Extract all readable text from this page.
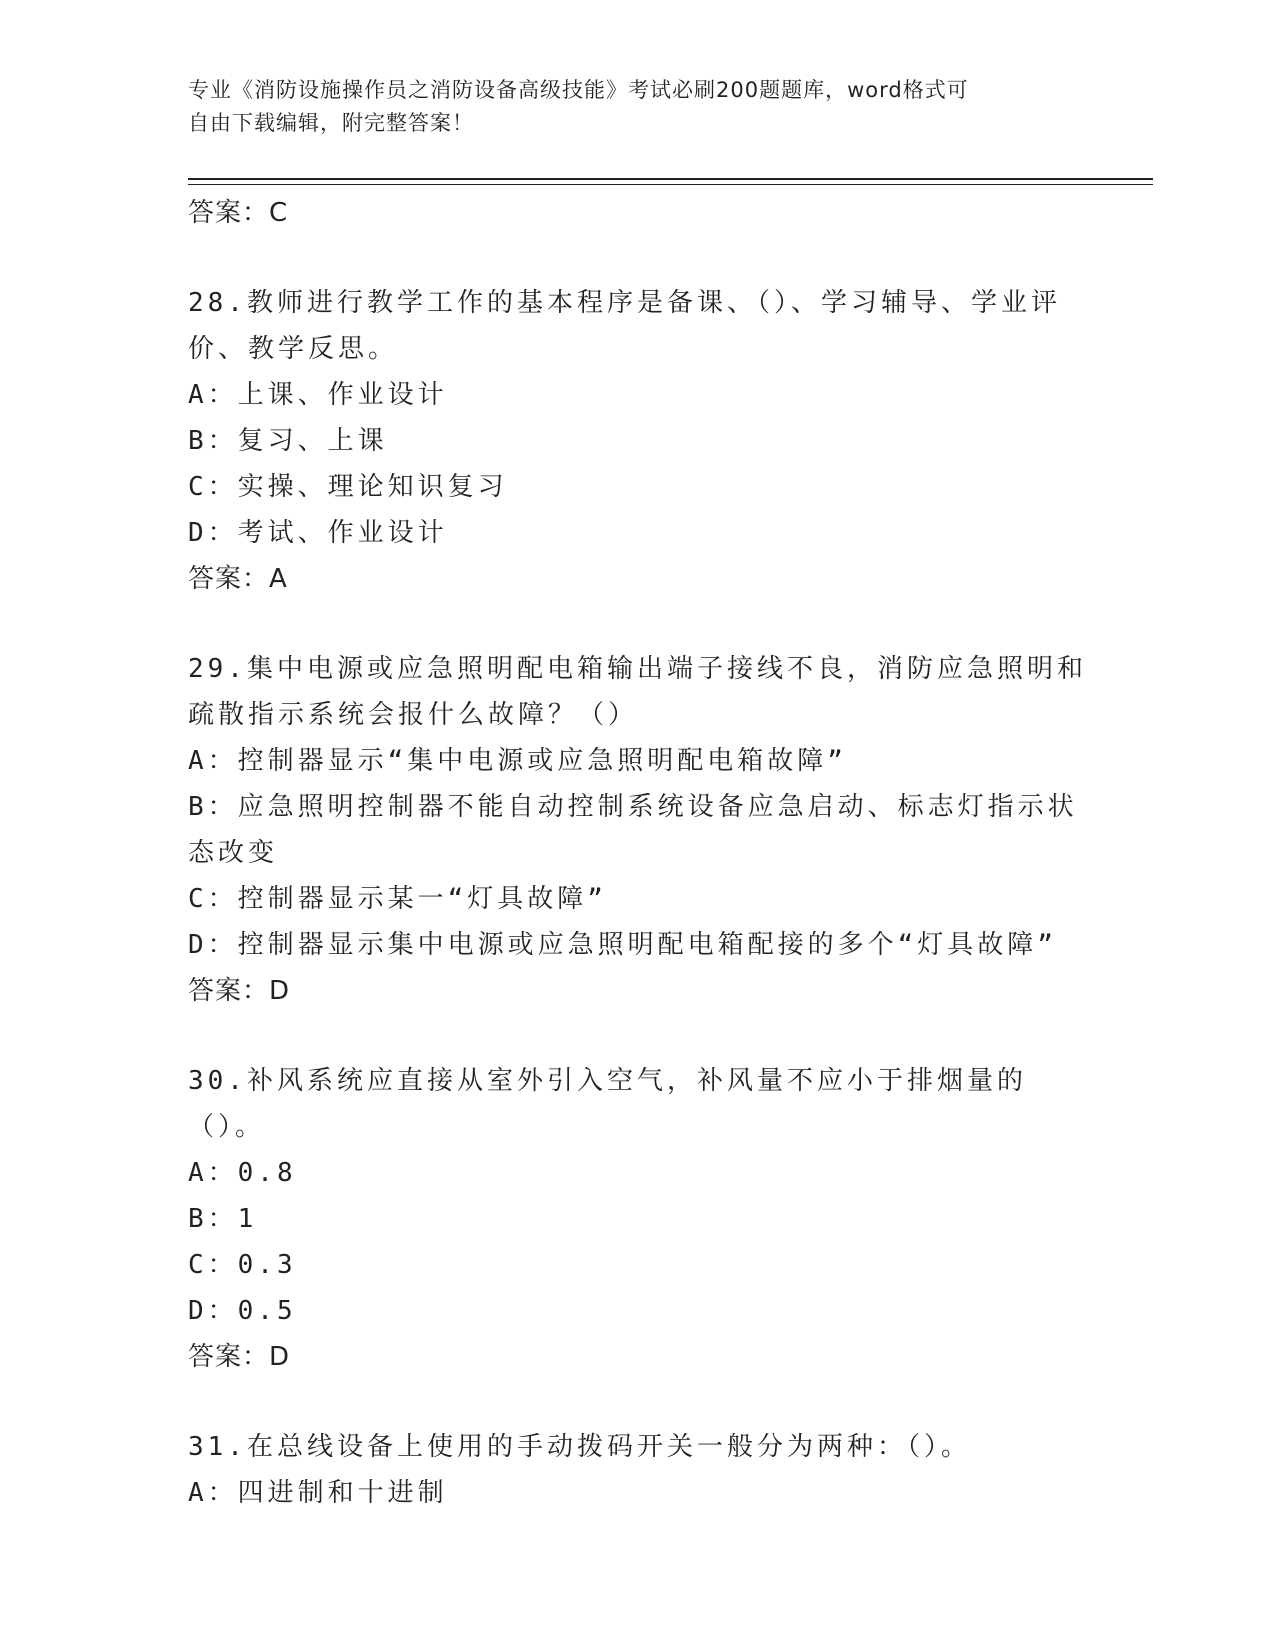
专业《消防设施操作员之消防设备高级技能》考试必刷200题题库，word格式可
自由下载编辑，附完整答案！
答案：C
28.教师进行教学工作的基本程序是备课、（）、学习辅导、学业评价、教学反思。
A：上课、作业设计
B：复习、上课
C：实操、理论知识复习
D：考试、作业设计
答案：A
29.集中电源或应急照明配电箱输出端子接线不良，消防应急照明和疏散指示系统会报什么故障？（）
A：控制器显示“集中电源或应急照明配电箱故障”
B：应急照明控制器不能自动控制系统设备应急启动、标志灯指示状态改变
C：控制器显示某一“灯具故障”
D：控制器显示集中电源或应急照明配电箱配接的多个“灯具故障”
答案：D
30.补风系统应直接从室外引入空气，补风量不应小于排烟量的（）。
A：0.8
B：1
C：0.3
D：0.5
答案：D
31.在总线设备上使用的手动拨码开关一般分为两种：（）。
A：四进制和十进制
